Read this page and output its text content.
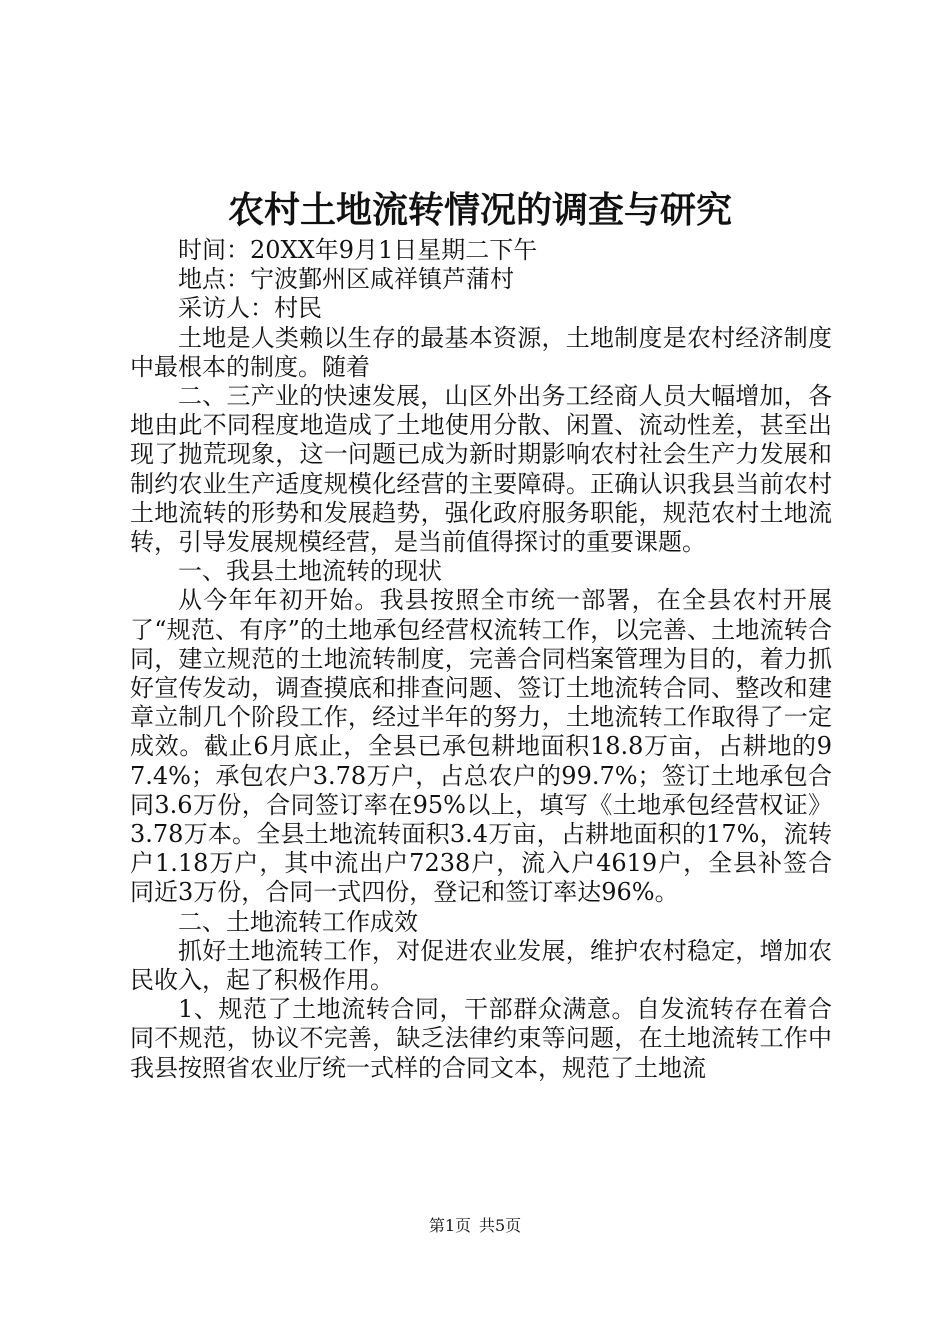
农村土地流转情况的调查与研究

时间：20XX年9月1日星期二下午

地点：宁波鄞州区咸祥镇芦蒲村

采访人：村民

土地是人类赖以生存的最基本资源，土地制度是农村经济制度中最根本的制度。随着

二、三产业的快速发展，山区外出务工经商人员大幅增加，各地由此不同程度地造成了土地使用分散、闲置、流动性差，甚至出现了抛荒现象，这一问题已成为新时期影响农村社会生产力发展和制约农业生产适度规模化经营的主要障碍。正确认识我县当前农村土地流转的形势和发展趋势，强化政府服务职能，规范农村土地流转，引导发展规模经营，是当前值得探讨的重要课题。

一、我县土地流转的现状

从今年年初开始。我县按照全市统一部署，在全县农村开展了“规范、有序”的土地承包经营权流转工作，以完善、土地流转合同，建立规范的土地流转制度，完善合同档案管理为目的，着力抓好宣传发动，调查摸底和排查问题、签订土地流转合同、整改和建章立制几个阶段工作，经过半年的努力，土地流转工作取得了一定成效。截止6月底止，全县已承包耕地面积18.8万亩，占耕地的97.4%；承包农户3.78万户，占总农户的99.7%；签订土地承包合同3.6万份，合同签订率在95%以上，填写《土地承包经营权证》3.78万本。全县土地流转面积3.4万亩，占耕地面积的17%，流转户1.18万户，其中流出户7238户，流入户4619户，全县补签合同近3万份，合同一式四份，登记和签订率达96%。

二、土地流转工作成效

抓好土地流转工作，对促进农业发展，维护农村稳定，增加农民收入，起了积极作用。

1、规范了土地流转合同，干部群众满意。自发流转存在着合同不规范，协议不完善，缺乏法律约束等问题，在土地流转工作中我县按照省农业厅统一式样的合同文本，规范了土地流

第1页 共5页
